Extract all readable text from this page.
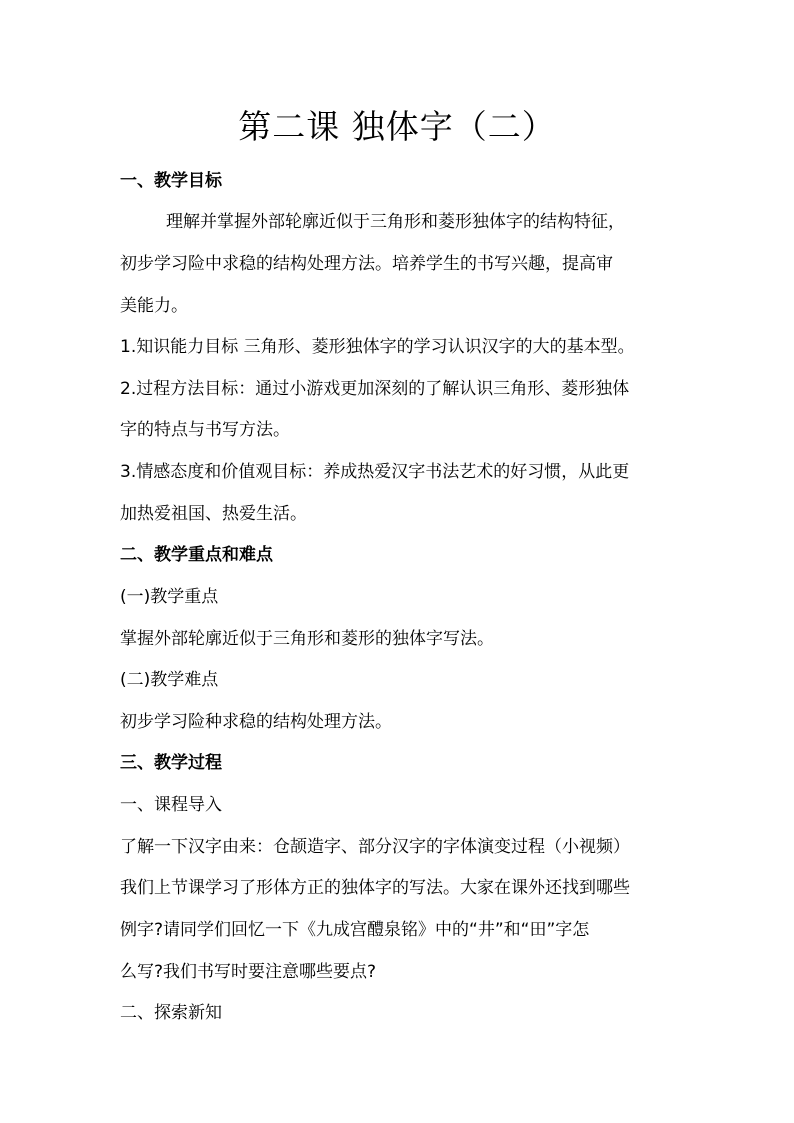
第二课 独体字（二）

一、教学目标

理解并掌握外部轮廓近似于三角形和菱形独体字的结构特征，

初步学习险中求稳的结构处理方法。培养学生的书写兴趣，提高审

美能力。

1.知识能力目标 三角形、菱形独体字的学习认识汉字的大的基本型。

2.过程方法目标：通过小游戏更加深刻的了解认识三角形、菱形独体

字的特点与书写方法。

3.情感态度和价值观目标：养成热爱汉字书法艺术的好习惯，从此更

加热爱祖国、热爱生活。

二、教学重点和难点

(一)教学重点

掌握外部轮廓近似于三角形和菱形的独体字写法。

(二)教学难点

初步学习险种求稳的结构处理方法。

三、教学过程

一、课程导入

了解一下汉字由来：仓颉造字、部分汉字的字体演变过程（小视频）

我们上节课学习了形体方正的独体字的写法。大家在课外还找到哪些

例字?请同学们回忆一下《九成宫醴泉铭》中的“井”和“田”字怎

么写?我们书写时要注意哪些要点?

二、探索新知
